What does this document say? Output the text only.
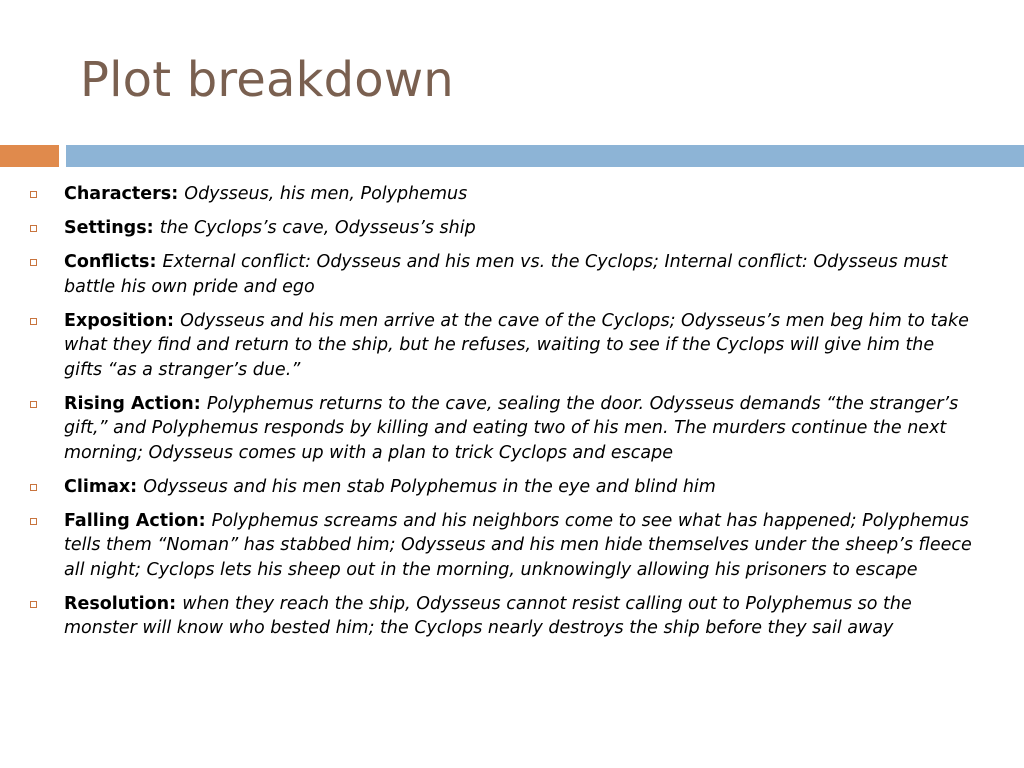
Plot breakdown
Characters: Odysseus, his men, Polyphemus
Settings: the Cyclops’s cave, Odysseus’s ship
Conflicts: External conflict: Odysseus and his men vs. the Cyclops; Internal conflict: Odysseus must battle his own pride and ego
Exposition: Odysseus and his men arrive at the cave of the Cyclops; Odysseus’s men beg him to take what they find and return to the ship, but he refuses, waiting to see if the Cyclops will give him the gifts “as a stranger’s due.”
Rising Action: Polyphemus returns to the cave, sealing the door. Odysseus demands “the stranger’s gift,” and Polyphemus responds by killing and eating two of his men. The murders continue the next morning; Odysseus comes up with a plan to trick Cyclops and escape
Climax: Odysseus and his men stab Polyphemus in the eye and blind him
Falling Action: Polyphemus screams and his neighbors come to see what has happened; Polyphemus tells them “Noman” has stabbed him; Odysseus and his men hide themselves under the sheep’s fleece all night; Cyclops lets his sheep out in the morning, unknowingly allowing his prisoners to escape
Resolution: when they reach the ship, Odysseus cannot resist calling out to Polyphemus so the monster will know who bested him; the Cyclops nearly destroys the ship before they sail away
